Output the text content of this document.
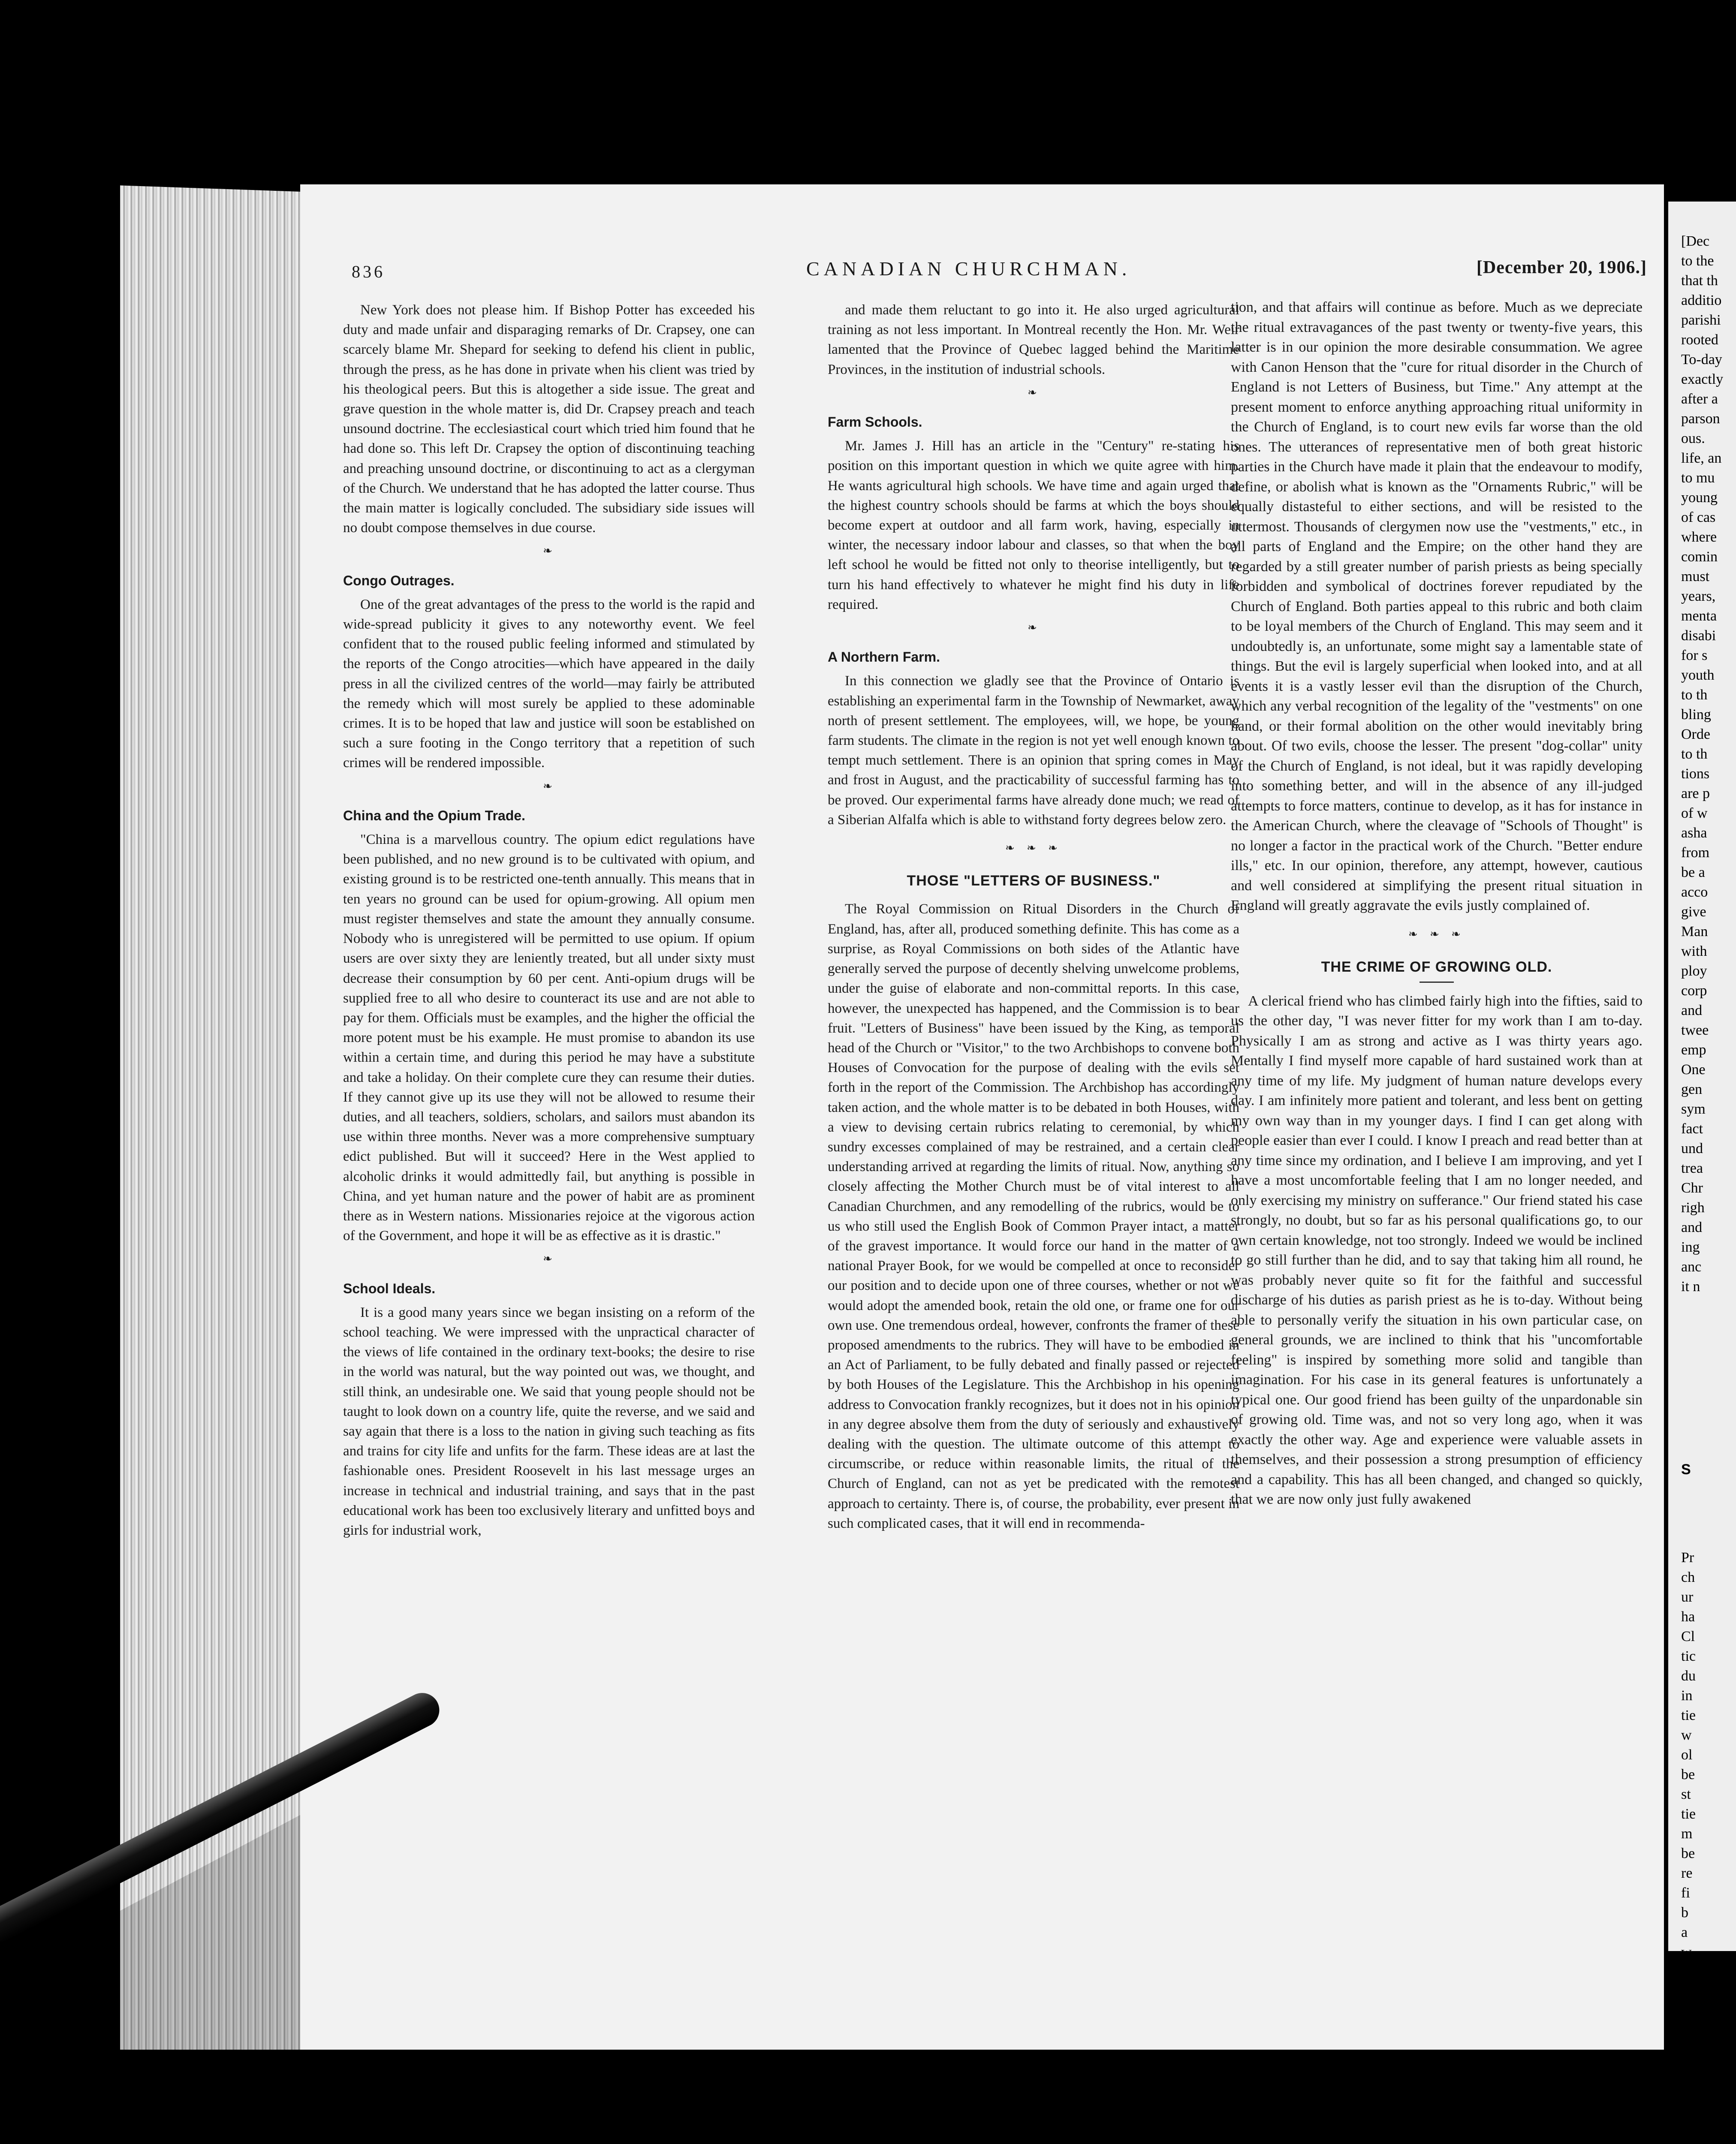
836	CANADIAN CHURCHMAN.	[December 20, 1906.]

New York does not please him. If Bishop Potter has exceeded his duty and made unfair and disparaging remarks of Dr. Crapsey, one can scarcely blame Mr. Shepard for seeking to defend his client in public, through the press, as he has done in private when his client was tried by his theological peers. But this is altogether a side issue. The great and grave question in the whole matter is, did Dr. Crapsey preach and teach unsound doctrine. The ecclesiastical court which tried him found that he had done so. This left Dr. Crapsey the option of discontinuing teaching and preaching unsound doctrine, or discontinuing to act as a clergyman of the Church. We understand that he has adopted the latter course. Thus the main matter is logically concluded. The subsidiary side issues will no doubt compose themselves in due course.

❧
Congo Outrages.

One of the great advantages of the press to the world is the rapid and wide-spread publicity it gives to any noteworthy event. We feel confident that to the roused public feeling informed and stimulated by the reports of the Congo atrocities—which have appeared in the daily press in all the civilized centres of the world—may fairly be attributed the remedy which will most surely be applied to these adominable crimes. It is to be hoped that law and justice will soon be established on such a sure footing in the Congo territory that a repetition of such crimes will be rendered impossible.

❧
China and the Opium Trade.

"China is a marvellous country. The opium edict regulations have been published, and no new ground is to be cultivated with opium, and existing ground is to be restricted one-tenth annually. This means that in ten years no ground can be used for opium-growing. All opium men must register themselves and state the amount they annually consume. Nobody who is unregistered will be permitted to use opium. If opium users are over sixty they are leniently treated, but all under sixty must decrease their consumption by 60 per cent. Anti-opium drugs will be supplied free to all who desire to counteract its use and are not able to pay for them. Officials must be examples, and the higher the official the more potent must be his example. He must promise to abandon its use within a certain time, and during this period he may have a substitute and take a holiday. On their complete cure they can resume their duties. If they cannot give up its use they will not be allowed to resume their duties, and all teachers, soldiers, scholars, and sailors must abandon its use within three months. Never was a more comprehensive sumptuary edict published. But will it succeed? Here in the West applied to alcoholic drinks it would admittedly fail, but anything is possible in China, and yet human nature and the power of habit are as prominent there as in Western nations. Missionaries rejoice at the vigorous action of the Government, and hope it will be as effective as it is drastic."

❧
School Ideals.

It is a good many years since we began insisting on a reform of the school teaching. We were impressed with the unpractical character of the views of life contained in the ordinary text-books; the desire to rise in the world was natural, but the way pointed out was, we thought, and still think, an undesirable one. We said that young people should not be taught to look down on a country life, quite the reverse, and we said and say again that there is a loss to the nation in giving such teaching as fits and trains for city life and unfits for the farm. These ideas are at last the fashionable ones. President Roosevelt in his last message urges an increase in technical and industrial training, and says that in the past educational work has been too exclusively literary and unfitted boys and girls for industrial work,

and made them reluctant to go into it. He also urged agricultural training as not less important. In Montreal recently the Hon. Mr. Weir lamented that the Province of Quebec lagged behind the Maritime Provinces, in the institution of industrial schools.

❧
Farm Schools.

Mr. James J. Hill has an article in the "Century" re-stating his position on this important question in which we quite agree with him. He wants agricultural high schools. We have time and again urged that the highest country schools should be farms at which the boys should become expert at outdoor and all farm work, having, especially in winter, the necessary indoor labour and classes, so that when the boy left school he would be fitted not only to theorise intelligently, but to turn his hand effectively to whatever he might find his duty in life required.

❧
A Northern Farm.

In this connection we gladly see that the Province of Ontario is establishing an experimental farm in the Township of Newmarket, away north of present settlement. The employees, will, we hope, be young farm students. The climate in the region is not yet well enough known to tempt much settlement. There is an opinion that spring comes in May and frost in August, and the practicability of successful farming has to be proved. Our experimental farms have already done much; we read of a Siberian Alfalfa which is able to withstand forty degrees below zero.

❧ ❧ ❧
THOSE "LETTERS OF BUSINESS."

The Royal Commission on Ritual Disorders in the Church of England, has, after all, produced something definite. This has come as a surprise, as Royal Commissions on both sides of the Atlantic have generally served the purpose of decently shelving unwelcome problems, under the guise of elaborate and non-committal reports. In this case, however, the unexpected has happened, and the Commission is to bear fruit. "Letters of Business" have been issued by the King, as temporal head of the Church or "Visitor," to the two Archbishops to convene both Houses of Convocation for the purpose of dealing with the evils set forth in the report of the Commission. The Archbishop has accordingly taken action, and the whole matter is to be debated in both Houses, with a view to devising certain rubrics relating to ceremonial, by which sundry excesses complained of may be restrained, and a certain clear understanding arrived at regarding the limits of ritual. Now, anything so closely affecting the Mother Church must be of vital interest to all Canadian Churchmen, and any remodelling of the rubrics, would be to us who still used the English Book of Common Prayer intact, a matter of the gravest importance. It would force our hand in the matter of a national Prayer Book, for we would be compelled at once to reconsider our position and to decide upon one of three courses, whether or not we would adopt the amended book, retain the old one, or frame one for our own use. One tremendous ordeal, however, confronts the framer of these proposed amendments to the rubrics. They will have to be embodied in an Act of Parliament, to be fully debated and finally passed or rejected by both Houses of the Legislature. This the Archbishop in his opening address to Convocation frankly recognizes, but it does not in his opinion in any degree absolve them from the duty of seriously and exhaustively dealing with the question. The ultimate outcome of this attempt to circumscribe, or reduce within reasonable limits, the ritual of the Church of England, can not as yet be predicated with the remotest approach to certainty. There is, of course, the probability, ever present in such complicated cases, that it will end in recommenda-

tion, and that affairs will continue as before. Much as we depreciate the ritual extravagances of the past twenty or twenty-five years, this latter is in our opinion the more desirable consummation. We agree with Canon Henson that the "cure for ritual disorder in the Church of England is not Letters of Business, but Time." Any attempt at the present moment to enforce anything approaching ritual uniformity in the Church of England, is to court new evils far worse than the old ones. The utterances of representative men of both great historic parties in the Church have made it plain that the endeavour to modify, define, or abolish what is known as the "Ornaments Rubric," will be equally distasteful to either sections, and will be resisted to the uttermost. Thousands of clergymen now use the "vestments," etc., in all parts of England and the Empire; on the other hand they are regarded by a still greater number of parish priests as being specially forbidden and symbolical of doctrines forever repudiated by the Church of England. Both parties appeal to this rubric and both claim to be loyal members of the Church of England. This may seem and it undoubtedly is, an unfortunate, some might say a lamentable state of things. But the evil is largely superficial when looked into, and at all events it is a vastly lesser evil than the disruption of the Church, which any verbal recognition of the legality of the "vestments" on one hand, or their formal abolition on the other would inevitably bring about. Of two evils, choose the lesser. The present "dog-collar" unity of the Church of England, is not ideal, but it was rapidly developing into something better, and will in the absence of any ill-judged attempts to force matters, continue to develop, as it has for instance in the American Church, where the cleavage of "Schools of Thought" is no longer a factor in the practical work of the Church. "Better endure ills," etc. In our opinion, therefore, any attempt, however, cautious and well considered at simplifying the present ritual situation in England will greatly aggravate the evils justly complained of.

❧ ❧ ❧
THE CRIME OF GROWING OLD.

A clerical friend who has climbed fairly high into the fifties, said to us the other day, "I was never fitter for my work than I am to-day. Physically I am as strong and active as I was thirty years ago. Mentally I find myself more capable of hard sustained work than at any time of my life. My judgment of human nature develops every day. I am infinitely more patient and tolerant, and less bent on getting my own way than in my younger days. I find I can get along with people easier than ever I could. I know I preach and read better than at any time since my ordination, and I believe I am improving, and yet I have a most uncomfortable feeling that I am no longer needed, and only exercising my ministry on sufferance." Our friend stated his case strongly, no doubt, but so far as his personal qualifications go, to our own certain knowledge, not too strongly. Indeed we would be inclined to go still further than he did, and to say that taking him all round, he was probably never quite so fit for the faithful and successful discharge of his duties as parish priest as he is to-day. Without being able to personally verify the situation in his own particular case, on general grounds, we are inclined to think that his "uncomfortable feeling" is inspired by something more solid and tangible than imagination. For his case in its general features is unfortunately a typical one. Our good friend has been guilty of the unpardonable sin of growing old. Time was, and not so very long ago, when it was exactly the other way. Age and experience were valuable assets in themselves, and their possession a strong presumption of efficiency and a capability. This has all been changed, and changed so quickly, that we are now only just fully awakened

[Dec

to the

that th

additio

parishi

rooted

To-day

exactly

after a

parson

ous.

life, an

to mu

young

of cas

where

comin

must

years,

menta

disabi

for s

youth

to th

bling

Orde

to th

tions

are p

of w

asha

from

be a

acco

give

Man

with

ploy

corp

and

twee

emp

One

gen

sym

fact

und

trea

Chr

righ

and

ing

anc

it n

S

Pr

ch

ur

ha

Cl

tic

du

in

tie

w

ol

be

st

tie

m

be

re

fi

b

a

w

b

C

b
